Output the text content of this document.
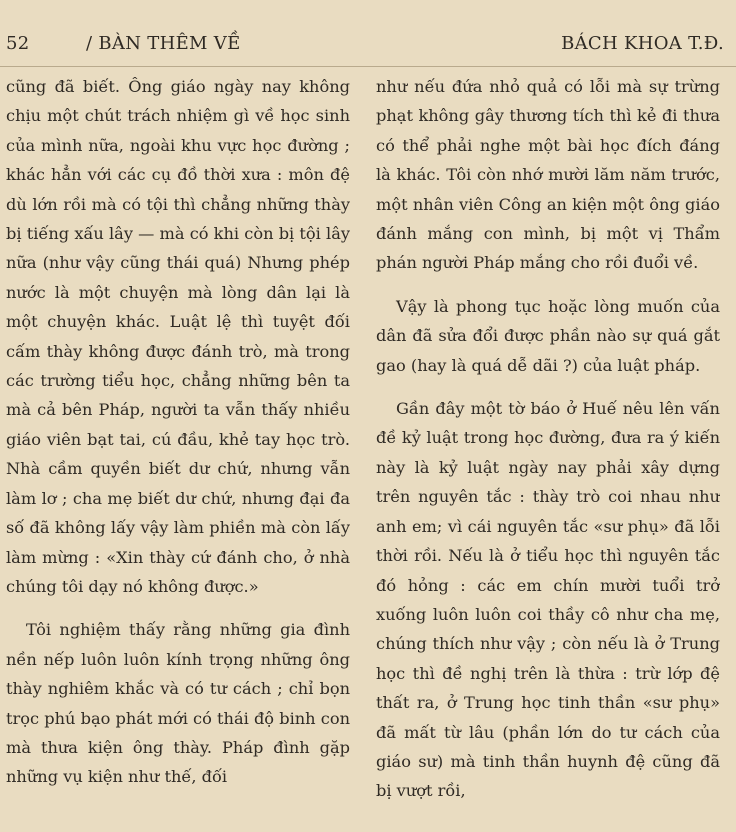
52	/ BÀN THÊM VỀ	BÁCH KHOA T.Đ.

cũng đã biết. Ông giáo ngày nay không chịu một chút trách nhiệm gì về học sinh của mình nữa, ngoài khu vực học đường ; khác hẳn với các cụ đồ thời xưa : môn đệ dù lớn rồi mà có tội thì chẳng những thày bị tiếng xấu lây — mà có khi còn bị tội lây nữa (như vậy cũng thái quá) Nhưng phép nước là một chuyện mà lòng dân lại là một chuyện khác. Luật lệ thì tuyệt đối cấm thày không được đánh trò, mà trong các trường tiểu học, chẳng những bên ta mà cả bên Pháp, người ta vẫn thấy nhiều giáo viên bạt tai, cú đầu, khẻ tay học trò. Nhà cầm quyền biết dư chứ, nhưng vẫn làm lơ ; cha mẹ biết dư chứ, nhưng đại đa số đã không lấy vậy làm phiền mà còn lấy làm mừng : «Xin thày cứ đánh cho, ở nhà chúng tôi dạy nó không được.»

Tôi nghiệm thấy rằng những gia đình nền nếp luôn luôn kính trọng những ông thày nghiêm khắc và có tư cách ; chỉ bọn trọc phú bạo phát mới có thái độ binh con mà thưa kiện ông thày. Pháp đình gặp những vụ kiện như thế, đối

như nếu đứa nhỏ quả có lỗi mà sự trừng phạt không gây thương tích thì kẻ đi thưa có thể phải nghe một bài học đích đáng là khác. Tôi còn nhớ mười lăm năm trước, một nhân viên Công an kiện một ông giáo đánh mắng con mình, bị một vị Thẩm phán người Pháp mắng cho rồi đuổi về.

Vậy là phong tục hoặc lòng muốn của dân đã sửa đổi được phần nào sự quá gắt gao (hay là quá dễ dãi ?) của luật pháp.

Gần đây một tờ báo ở Huế nêu lên vấn đề kỷ luật trong học đường, đưa ra ý kiến này là kỷ luật ngày nay phải xây dựng trên nguyên tắc : thày trò coi nhau như anh em; vì cái nguyên tắc «sư phụ» đã lỗi thời rồi. Nếu là ở tiểu học thì nguyên tắc đó hỏng : các em chín mười tuổi trở xuống luôn luôn coi thầy cô như cha mẹ, chúng thích như vậy ; còn nếu là ở Trung học thì đề nghị trên là thừa : trừ lớp đệ thất ra, ở Trung học tinh thần «sư phụ» đã mất từ lâu (phần lớn do tư cách của giáo sư) mà tinh thần huynh đệ cũng đã bị vượt rồi,
